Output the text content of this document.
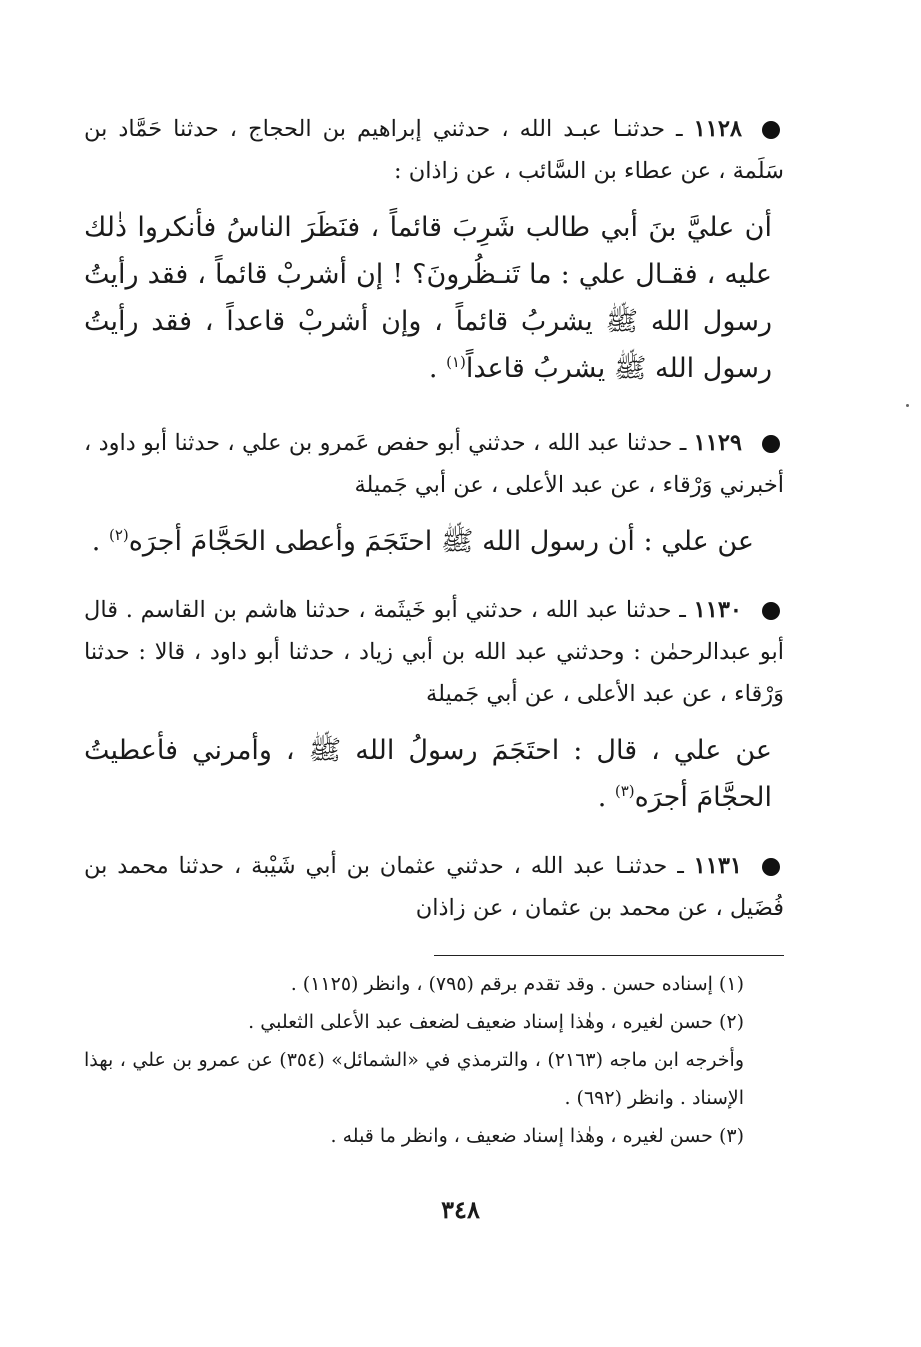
١١٢٨ ـ حدثنـا عبـد الله ، حدثني إبراهيم بن الحجاج ، حدثنا حَمَّاد بن سَلَمة ، عن عطاء بن السَّائب ، عن زاذان :
أن عليَّ بنَ أبي طالب شَرِبَ قائماً ، فنَظَرَ الناسُ فأنكروا ذٰلك عليه ، فقـال علي : ما تَنـظُرونَ؟ ! إن أشربْ قائماً ، فقد رأيتُ رسول الله ﷺ يشربُ قائماً ، وإن أشربْ قاعداً ، فقد رأيتُ رسول الله ﷺ يشربُ قاعداً$^{(١)}$ .
١١٢٩ ـ حدثنا عبد الله ، حدثني أبو حفص عَمرو بن علي ، حدثنا أبو داود ، أخبرني وَرْقاء ، عن عبد الأعلى ، عن أبي جَميلة
عن علي : أن رسول الله ﷺ احتَجَمَ وأعطى الحَجَّامَ أجرَه$^{(٢)}$ .
١١٣٠ ـ حدثنا عبد الله ، حدثني أبو خَيثَمة ، حدثنا هاشم بن القاسم . قال أبو عبدالرحمٰن : وحدثني عبد الله بن أبي زياد ، حدثنا أبو داود ، قالا : حدثنا وَرْقاء ، عن عبد الأعلى ، عن أبي جَميلة
عن علي ، قال : احتَجَمَ رسولُ الله ﷺ ، وأمرني فأعطيتُ الحجَّامَ أجرَه$^{(٣)}$ .
١١٣١ ـ حدثنـا عبد الله ، حدثني عثمان بن أبي شَيْبة ، حدثنا محمد بن فُضَيل ، عن محمد بن عثمان ، عن زاذان
(١) إسناده حسن . وقد تقدم برقم (٧٩٥) ، وانظر (١١٢٥) .
(٢) حسن لغيره ، وهٰذا إسناد ضعيف لضعف عبد الأعلى الثعلبي .
وأخرجه ابن ماجه (٢١٦٣) ، والترمذي في «الشمائل» (٣٥٤) عن عمرو بن علي ، بهذا الإسناد . وانظر (٦٩٢) .
(٣) حسن لغيره ، وهٰذا إسناد ضعيف ، وانظر ما قبله .
٣٤٨
